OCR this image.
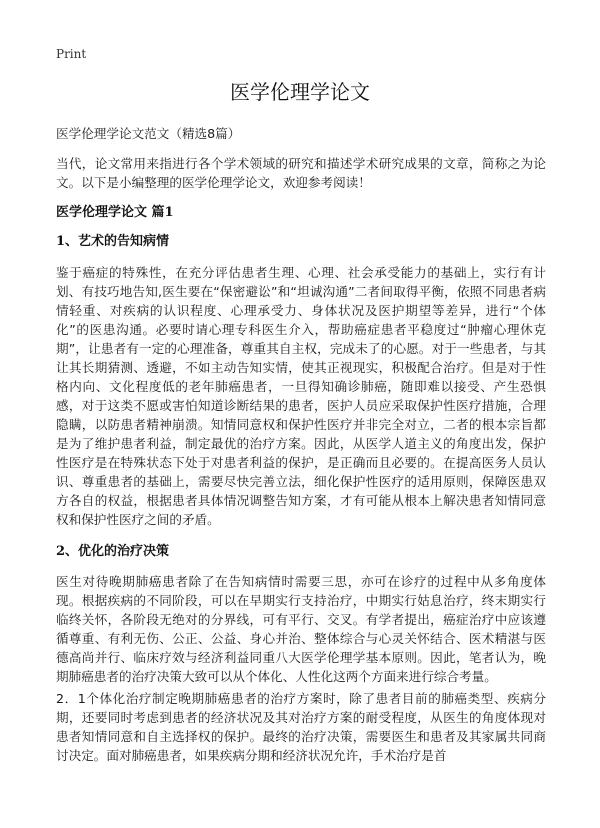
Print
医学伦理学论文
医学伦理学论文范文（精选8篇）
当代，论文常用来指进行各个学术领域的研究和描述学术研究成果的文章，简称之为论文。以下是小编整理的医学伦理学论文，欢迎参考阅读！
医学伦理学论文 篇1
1、艺术的告知病情
鉴于癌症的特殊性，在充分评估患者生理、心理、社会承受能力的基础上，实行有计划、有技巧地告知,医生要在“保密避讼”和“坦诚沟通”二者间取得平衡，依照不同患者病情轻重、对疾病的认识程度、心理承受力、身体状况及医护期望等差异，进行“个体化”的医患沟通。必要时请心理专科医生介入，帮助癌症患者平稳度过“肿瘤心理休克期”，让患者有一定的心理准备，尊重其自主权，完成未了的心愿。对于一些患者，与其让其长期猜测、透避，不如主动告知实情，使其正视现实，积极配合治疗。但是对于性格内向、文化程度低的老年肺癌患者，一旦得知确诊肺癌，随即难以接受、产生恐惧感，对于这类不愿或害怕知道诊断结果的患者，医护人员应采取保护性医疗措施，合理隐瞒，以防患者精神崩溃。知情同意权和保护性医疗并非完全对立，二者的根本宗旨都是为了维护患者利益，制定最优的治疗方案。因此，从医学人道主义的角度出发，保护性医疗是在特殊状态下处于对患者利益的保护，是正确而且必要的。在提高医务人员认识、尊重患者的基础上，需要尽快完善立法，细化保护性医疗的适用原则，保障医患双方各自的权益，根据患者具体情况调整告知方案，才有可能从根本上解决患者知情同意权和保护性医疗之间的矛盾。
2、优化的治疗决策
医生对待晚期肺癌患者除了在告知病情时需要三思，亦可在诊疗的过程中从多角度体现。根据疾病的不同阶段，可以在早期实行支持治疗，中期实行姑息治疗，终末期实行临终关怀，各阶段无绝对的分界线，可有平行、交叉。有学者提出，癌症治疗中应该遵循尊重、有利无伤、公正、公益、身心并治、整体综合与心灵关怀结合、医术精湛与医德高尚并行、临床疗效与经济利益同重八大医学伦理学基本原则。因此，笔者认为，晚期肺癌患者的治疗决策大致可以从个体化、人性化这两个方面来进行综合考量。
2．1个体化治疗制定晚期肺癌患者的治疗方案时，除了患者目前的肺癌类型、疾病分期，还要同时考虑到患者的经济状况及其对治疗方案的耐受程度，从医生的角度体现对患者知情同意和自主选择权的保护。最终的治疗决策，需要医生和患者及其家属共同商讨决定。面对肺癌患者，如果疾病分期和经济状况允许，手术治疗是首
